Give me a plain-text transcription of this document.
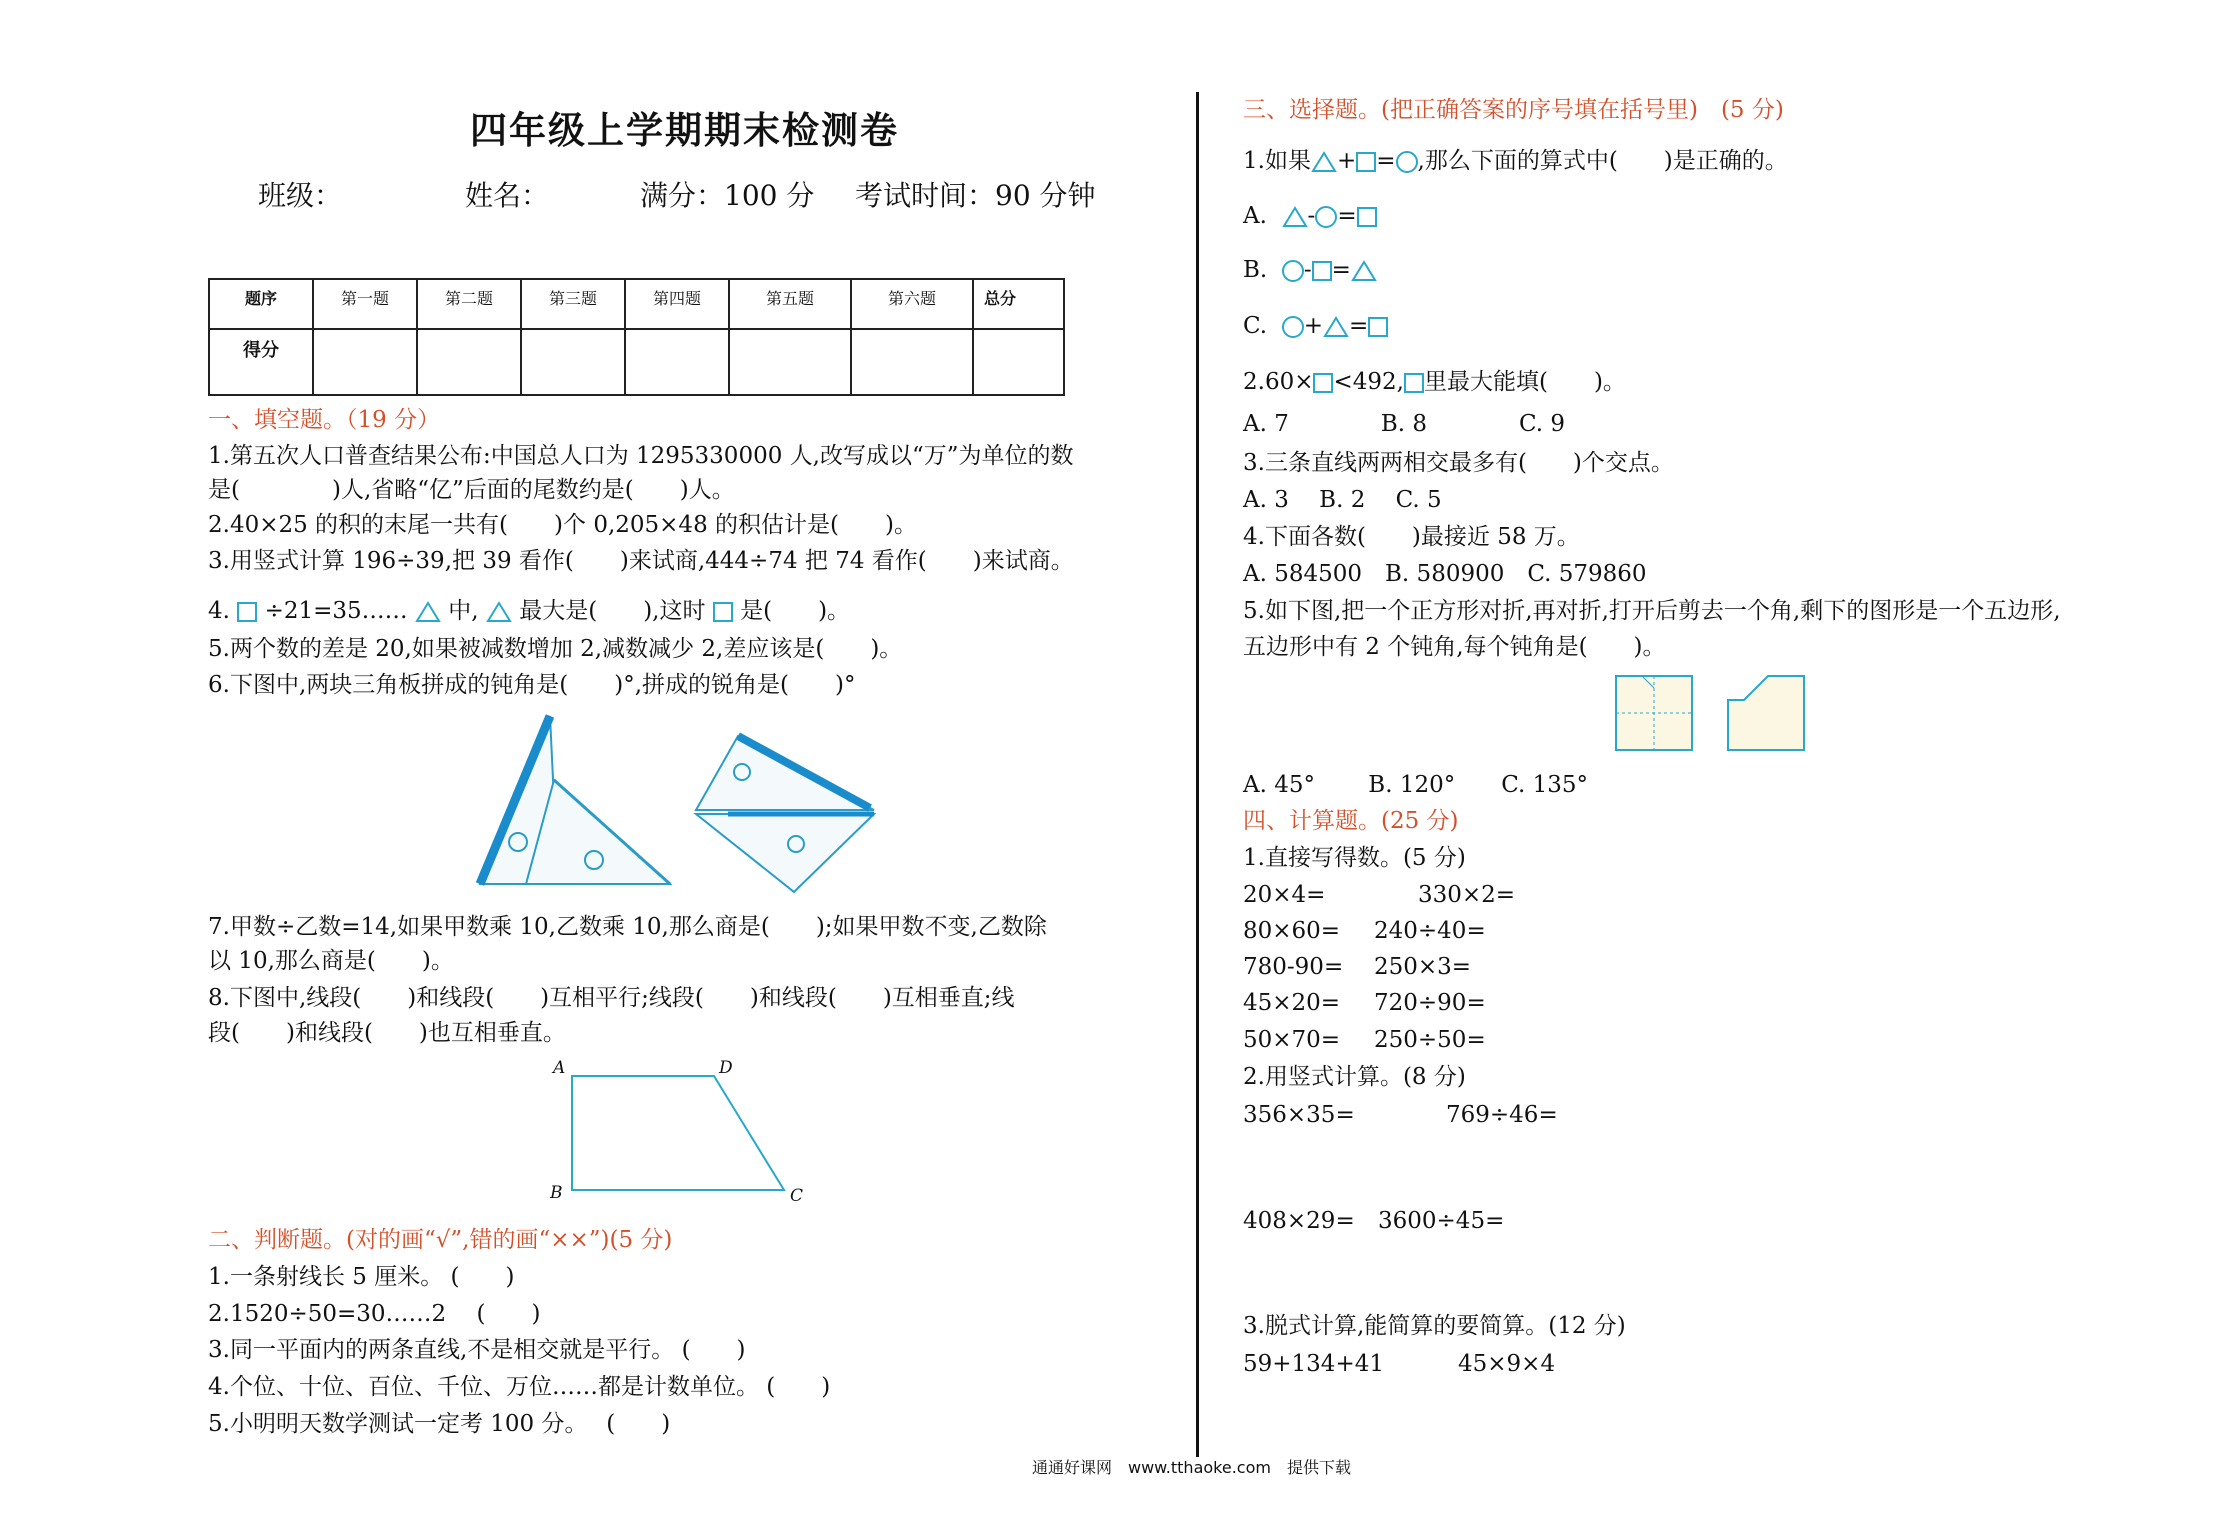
四年级上学期期末检测卷
班级：	姓名：	满分：100 分 考试时间：90 分钟
题序	第一题	第二题	第三题	第四题	第五题	第六题	总分
得分							
一、填空题。（19 分）
1.第五次人口普查结果公布:中国总人口为 1295330000 人,改写成以“万”为单位的数
是(　　　　)人,省略“亿”后面的尾数约是(　　)人。
2.40×25 的积的末尾一共有(　　)个 0,205×48 的积估计是(　　)。
3.用竖式计算 196÷39,把 39 看作(　　)来试商,444÷74 把 74 看作(　　)来试商。
4. ÷21=35…… 中, 最大是(　　),这时 是(　　)。
5.两个数的差是 20,如果被减数增加 2,减数减少 2,差应该是(　　)。
6.下图中,两块三角板拼成的钝角是(　　)°,拼成的锐角是(　　)°
7.甲数÷乙数=14,如果甲数乘 10,乙数乘 10,那么商是(　　);如果甲数不变,乙数除
以 10,那么商是(　　)。
8.下图中,线段(　　)和线段(　　)互相平行;线段(　　)和线段(　　)互相垂直;线
段(　　)和线段(　　)也互相垂直。
A	D
B	C
二、判断题。(对的画“√”,错的画“××”)(5 分)
1.一条射线长 5 厘米。 (　　)
2.1520÷50=30……2　 (　　)
3.同一平面内的两条直线,不是相交就是平行。 (　　)
4.个位、十位、百位、千位、万位……都是计数单位。 (　　)
5.小明明天数学测试一定考 100 分。　 (　　)
三、选择题。(把正确答案的序号填在括号里)　(5 分)
1.如果 + = ,那么下面的算式中(　　)是正确的。
A. - =
B. - =
C. + =
2.60× <492, 里最大能填(　　)。
A. 7　　　　B. 8　　　　C. 9
3.三条直线两两相交最多有(　　)个交点。
A. 3　 B. 2　 C. 5
4.下面各数(　　)最接近 58 万。
A. 584500　B. 580900　C. 579860
5.如下图,把一个正方形对折,再对折,打开后剪去一个角,剩下的图形是一个五边形,
五边形中有 2 个钝角,每个钝角是(　　)。
A. 45°　　 B. 120°　　C. 135°
四、计算题。(25 分)
1.直接写得数。(5 分)
20×4=	330×2=
80×60= 240÷40=
780-90= 250×3=
45×20= 720÷90=
50×70= 250÷50=
2.用竖式计算。(8 分)
356×35=	769÷46=
408×29= 3600÷45=
3.脱式计算,能简算的要简算。(12 分)
59+134+41	45×9×4
通通好课网　www.tthaoke.com　提供下载
